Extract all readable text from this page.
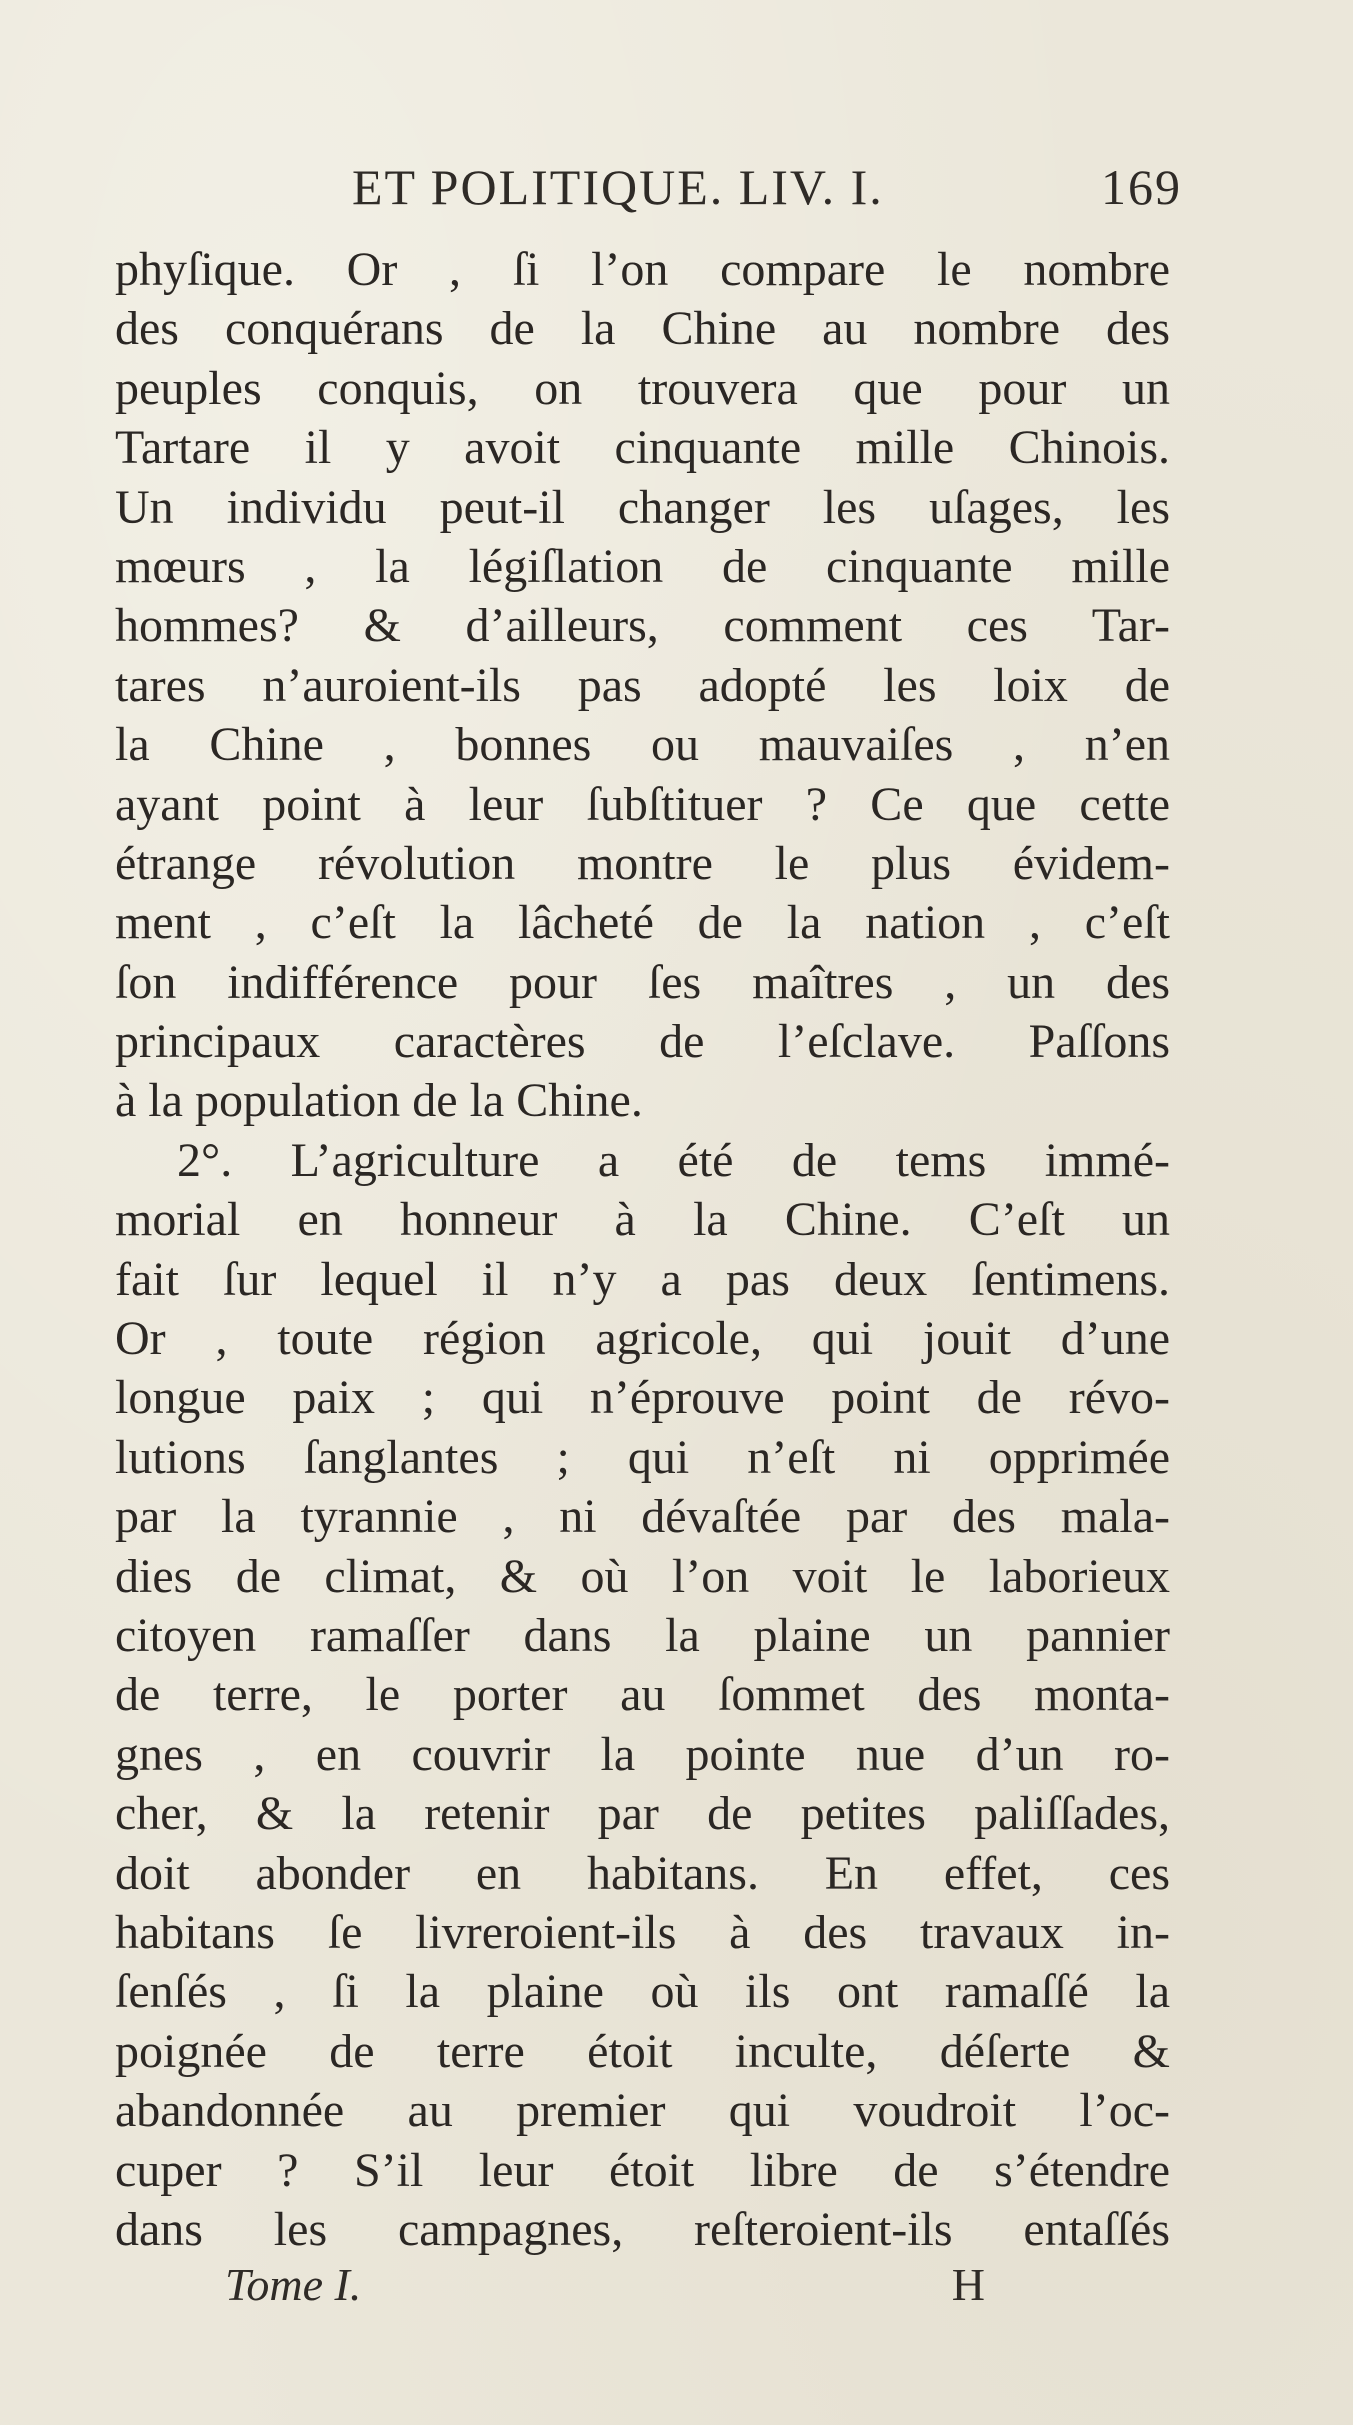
ET POLITIQUE. LIV. I.	169
phyſique. Or , ſi l’on compare le nombre
des conquérans de la Chine au nombre des
peuples conquis, on trouvera que pour un
Tartare il y avoit cinquante mille Chinois.
Un individu peut-il changer les uſages, les
mœurs , la légiſlation de cinquante mille
hommes? & d’ailleurs, comment ces Tar-
tares n’auroient-ils pas adopté les loix de
la Chine , bonnes ou mauvaiſes , n’en
ayant point à leur ſubſtituer ? Ce que cette
étrange révolution montre le plus évidem-
ment , c’eſt la lâcheté de la nation , c’eſt
ſon indifférence pour ſes maîtres , un des
principaux caractères de l’eſclave. Paſſons
à la population de la Chine.
2°. L’agriculture a été de tems immé-
morial en honneur à la Chine. C’eſt un
fait ſur lequel il n’y a pas deux ſentimens.
Or , toute région agricole, qui jouit d’une
longue paix ; qui n’éprouve point de révo-
lutions ſanglantes ; qui n’eſt ni opprimée
par la tyrannie , ni dévaſtée par des mala-
dies de climat, & où l’on voit le laborieux
citoyen ramaſſer dans la plaine un pannier
de terre, le porter au ſommet des monta-
gnes , en couvrir la pointe nue d’un ro-
cher, & la retenir par de petites paliſſades,
doit abonder en habitans. En effet, ces
habitans ſe livreroient-ils à des travaux in-
ſenſés , ſi la plaine où ils ont ramaſſé la
poignée de terre étoit inculte, déſerte &
abandonnée au premier qui voudroit l’oc-
cuper ? S’il leur étoit libre de s’étendre
dans les campagnes, reſteroient-ils entaſſés
Tome I.	H
